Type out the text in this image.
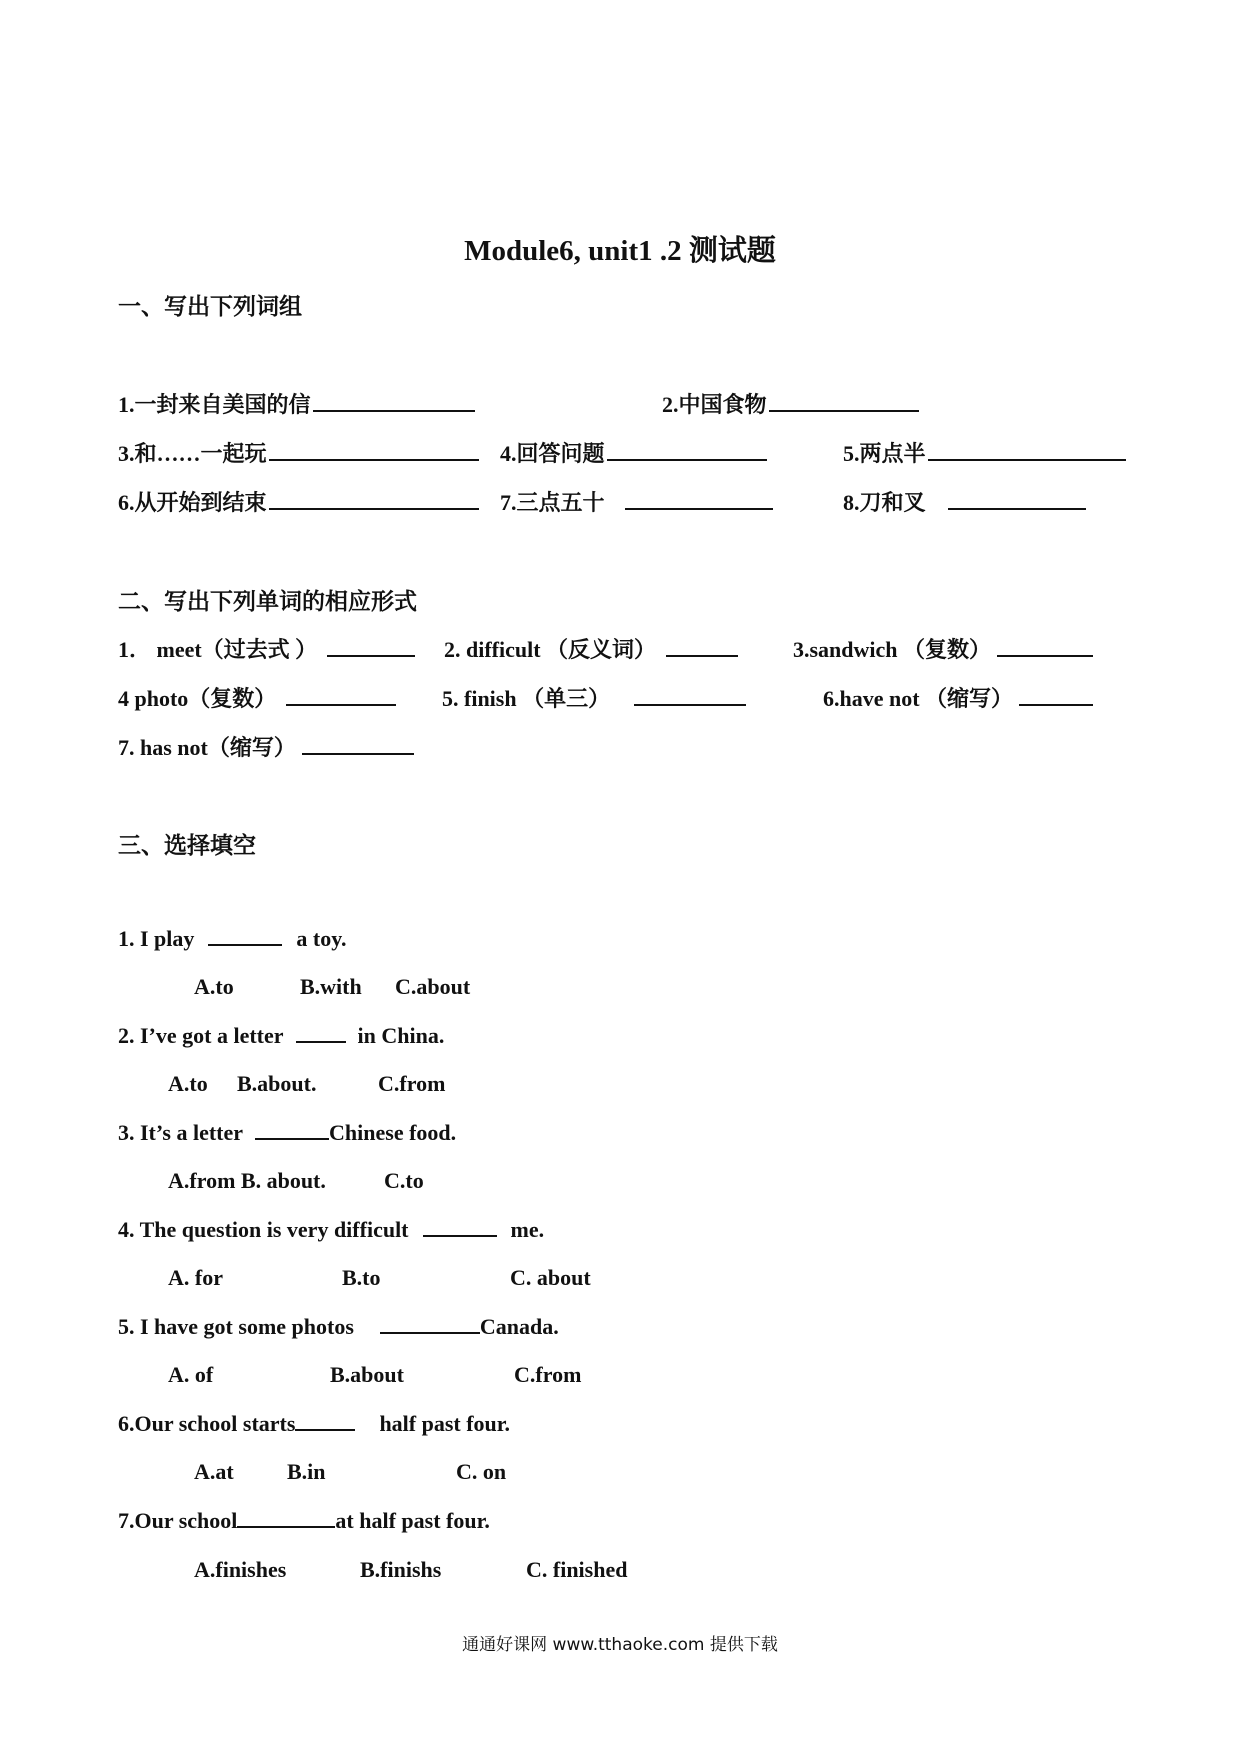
Module6, unit1 .2 测试题
一、写出下列词组
1.一封来自美国的信	2.中国食物
3.和……一起玩	4.回答问题	5.两点半
6.从开始到结束	7.三点五十	8.刀和叉
二、写出下列单词的相应形式
1． meet（过去式 ）	2. difficult （反义词）	3.sandwich （复数）
4 photo（复数）	5. finish （单三）	6.have not （缩写）
7. has not（缩写）
三、选择填空
1. I play	a toy.
A.to	B.with C.about
2. I’ve got a letter	in China.
A.to B.about.	C.from
3. It’s a letter	Chinese food.
A.from B. about.	C.to
4. The question is very difficult	me.
A. for	B.to	C. about
5. I have got some photos	Canada.
A. of	B.about	C.from
6.Our school starts	half past four.
A.at B.in	C. on
7.Our school	at half past four.
A.finishes	B.finishs	C. finished
通通好课网 www.tthaoke.com 提供下载
